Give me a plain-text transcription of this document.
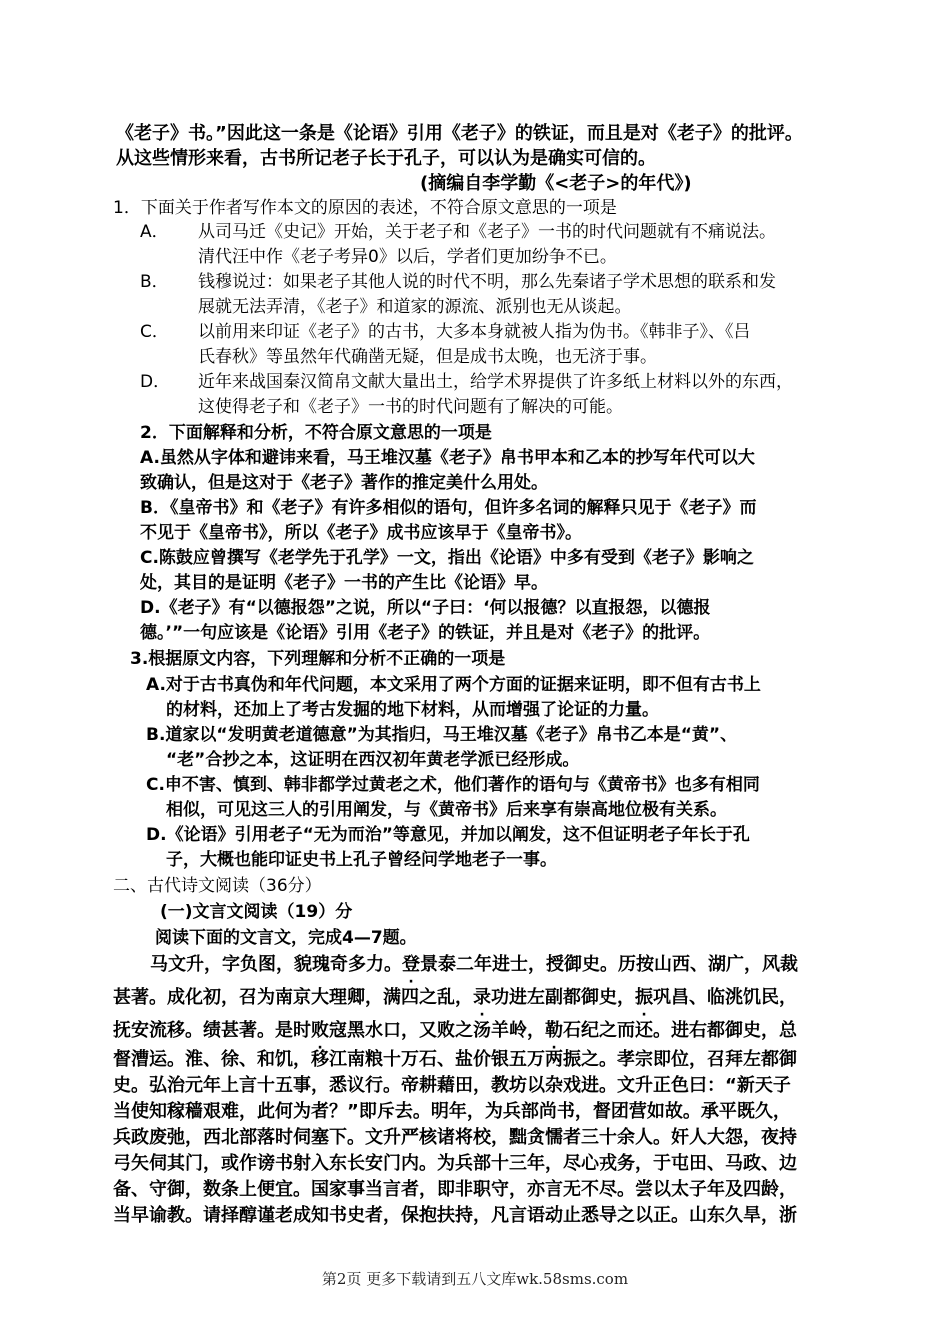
《老子》书。”因此这一条是《论语》引用《老子》的铁证，而且是对《老子》的批评。
从这些情形来看，古书所记老子长于孔子，可以认为是确实可信的。
(摘编自李学勤《<老子>的年代》)
1．下面关于作者写作本文的原因的表述，不符合原文意思的一项是
A． 从司马迁《史记》开始，关于老子和《老子》一书的时代问题就有不痛说法。
清代汪中作《老子考异0》以后，学者们更加纷争不已。
B． 钱穆说过：如果老子其他人说的时代不明，那么先秦诸子学术思想的联系和发
展就无法弄清，《老子》和道家的源流、派别也无从谈起。
C． 以前用来印证《老子》的古书，大多本身就被人指为伪书。《韩非子》、《吕
氏春秋》等虽然年代确凿无疑，但是成书太晚，也无济于事。
D． 近年来战国秦汉简帛文献大量出土，给学术界提供了许多纸上材料以外的东西，
这使得老子和《老子》一书的时代问题有了解决的可能。
2．下面解释和分析，不符合原文意思的一项是
A.虽然从字体和避讳来看，马王堆汉墓《老子》帛书甲本和乙本的抄写年代可以大
致确认，但是这对于《老子》著作的推定美什么用处。
B．《皇帝书》和《老子》有许多相似的语句，但许多名词的解释只见于《老子》而
不见于《皇帝书》，所以《老子》成书应该早于《皇帝书》。
C.陈鼓应曾撰写《老学先于孔学》一文，指出《论语》中多有受到《老子》影响之
处，其目的是证明《老子》一书的产生比《论语》早。
D.《老子》有“以德报怨”之说，所以“子曰：‘何以报德？以直报怨，以德报
德。’”一句应该是《论语》引用《老子》的铁证，并且是对《老子》的批评。
3.根据原文内容，下列理解和分析不正确的一项是
A.对于古书真伪和年代问题，本文采用了两个方面的证据来证明，即不但有古书上
的材料，还加上了考古发掘的地下材料，从而增强了论证的力量。
B.道家以“发明黄老道德意”为其指归，马王堆汉墓《老子》帛书乙本是“黄”、
“老”合抄之本，这证明在西汉初年黄老学派已经形成。
C.申不害、慎到、韩非都学过黄老之术，他们著作的语句与《黄帝书》也多有相同
相似，可见这三人的引用阐发，与《黄帝书》后来享有崇高地位极有关系。
D.《论语》引用老子“无为而治”等意见，并加以阐发，这不但证明老子年长于孔
子，大概也能印证史书上孔子曾经问学地老子一事。
二、古代诗文阅读（36分）
(一)文言文阅读（19）分
阅读下面的文言文，完成4—7题。
马文升，字负图，貌瑰奇多力。登景泰二年进士，授御史。历按山西、湖广，风裁
甚著。成化初，召为南京大理卿，满四之乱，录功进左副都御史，振巩昌、临洮饥民，
抚安流移。绩甚著。是时败寇黑水口，又败之汤羊岭，勒石纪之而还。进右都御史，总
督漕运。淮、徐、和饥，移江南粮十万石、盐价银五万两振之。孝宗即位，召拜左都御
史。弘治元年上言十五事，悉议行。帝耕藉田，教坊以杂戏进。文升正色曰：“新天子
当使知稼穑艰难，此何为者？”即斥去。明年，为兵部尚书，督团营如故。承平既久，
兵政废弛，西北部落时伺塞下。文升严核诸将校，黜贪懦者三十余人。奸人大怨，夜持
弓矢伺其门，或作谤书射入东长安门内。为兵部十三年，尽心戎务，于屯田、马政、边
备、守御，数条上便宜。国家事当言者，即非职守，亦言无不尽。尝以太子年及四龄，
当早谕教。请择醇谨老成知书史者，保抱扶持，凡言语动止悉导之以正。山东久旱，浙
第2页 更多下载请到五八文库wk.58sms.com
